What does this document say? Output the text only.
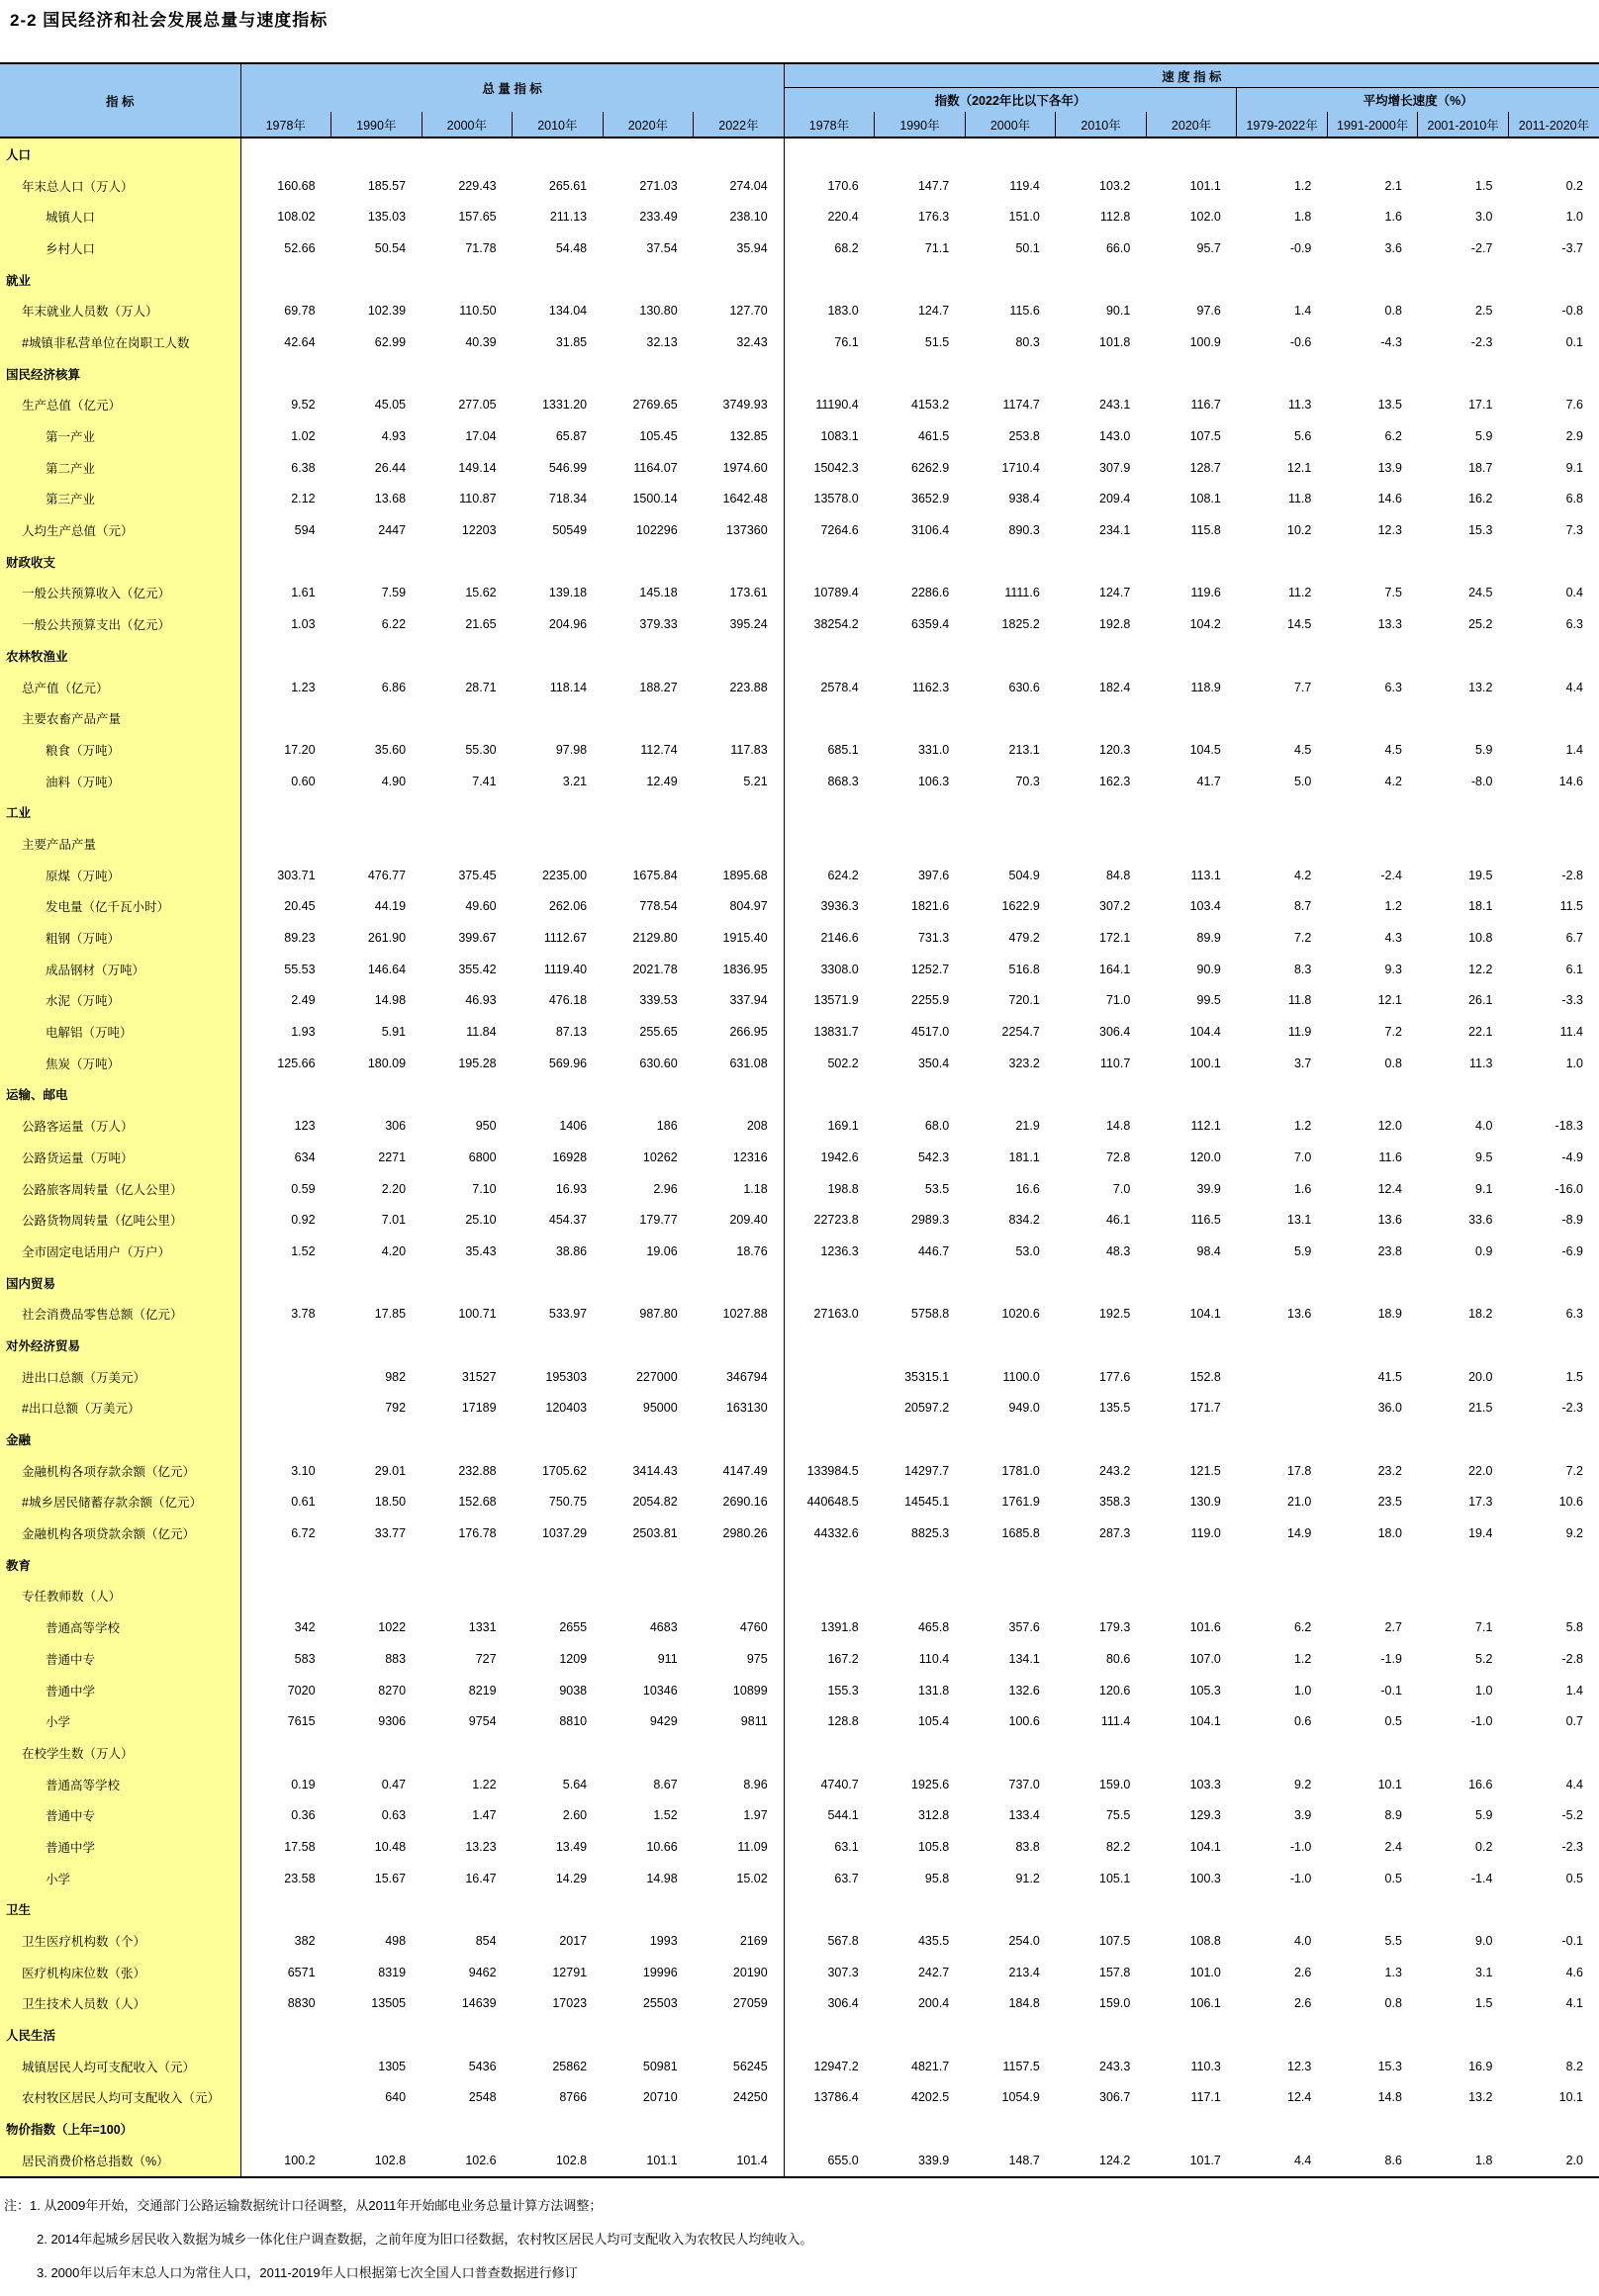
2-2 国民经济和社会发展总量与速度指标
指 标	总 量 指 标						速 度 指 标								
							指数（2022年比以下各年）					平均增长速度（%）			
	1978年	1990年	2000年	2010年	2020年	2022年	1978年	1990年	2000年	2010年	2020年	1979-2022年	1991-2000年	2001-2010年	2011-2020年
人口															
年末总人口（万人）	160.68	185.57	229.43	265.61	271.03	274.04	170.6	147.7	119.4	103.2	101.1	1.2	2.1	1.5	0.2
城镇人口	108.02	135.03	157.65	211.13	233.49	238.10	220.4	176.3	151.0	112.8	102.0	1.8	1.6	3.0	1.0
乡村人口	52.66	50.54	71.78	54.48	37.54	35.94	68.2	71.1	50.1	66.0	95.7	-0.9	3.6	-2.7	-3.7
就业															
年末就业人员数（万人）	69.78	102.39	110.50	134.04	130.80	127.70	183.0	124.7	115.6	90.1	97.6	1.4	0.8	2.5	-0.8
#城镇非私营单位在岗职工人数	42.64	62.99	40.39	31.85	32.13	32.43	76.1	51.5	80.3	101.8	100.9	-0.6	-4.3	-2.3	0.1
国民经济核算															
生产总值（亿元）	9.52	45.05	277.05	1331.20	2769.65	3749.93	11190.4	4153.2	1174.7	243.1	116.7	11.3	13.5	17.1	7.6
第一产业	1.02	4.93	17.04	65.87	105.45	132.85	1083.1	461.5	253.8	143.0	107.5	5.6	6.2	5.9	2.9
第二产业	6.38	26.44	149.14	546.99	1164.07	1974.60	15042.3	6262.9	1710.4	307.9	128.7	12.1	13.9	18.7	9.1
第三产业	2.12	13.68	110.87	718.34	1500.14	1642.48	13578.0	3652.9	938.4	209.4	108.1	11.8	14.6	16.2	6.8
人均生产总值（元）	594	2447	12203	50549	102296	137360	7264.6	3106.4	890.3	234.1	115.8	10.2	12.3	15.3	7.3
财政收支															
一般公共预算收入（亿元）	1.61	7.59	15.62	139.18	145.18	173.61	10789.4	2286.6	1111.6	124.7	119.6	11.2	7.5	24.5	0.4
一般公共预算支出（亿元）	1.03	6.22	21.65	204.96	379.33	395.24	38254.2	6359.4	1825.2	192.8	104.2	14.5	13.3	25.2	6.3
农林牧渔业															
总产值（亿元）	1.23	6.86	28.71	118.14	188.27	223.88	2578.4	1162.3	630.6	182.4	118.9	7.7	6.3	13.2	4.4
主要农畜产品产量															
粮食（万吨）	17.20	35.60	55.30	97.98	112.74	117.83	685.1	331.0	213.1	120.3	104.5	4.5	4.5	5.9	1.4
油料（万吨）	0.60	4.90	7.41	3.21	12.49	5.21	868.3	106.3	70.3	162.3	41.7	5.0	4.2	-8.0	14.6
工业															
主要产品产量															
原煤（万吨）	303.71	476.77	375.45	2235.00	1675.84	1895.68	624.2	397.6	504.9	84.8	113.1	4.2	-2.4	19.5	-2.8
发电量（亿千瓦小时）	20.45	44.19	49.60	262.06	778.54	804.97	3936.3	1821.6	1622.9	307.2	103.4	8.7	1.2	18.1	11.5
粗钢（万吨）	89.23	261.90	399.67	1112.67	2129.80	1915.40	2146.6	731.3	479.2	172.1	89.9	7.2	4.3	10.8	6.7
成品钢材（万吨）	55.53	146.64	355.42	1119.40	2021.78	1836.95	3308.0	1252.7	516.8	164.1	90.9	8.3	9.3	12.2	6.1
水泥（万吨）	2.49	14.98	46.93	476.18	339.53	337.94	13571.9	2255.9	720.1	71.0	99.5	11.8	12.1	26.1	-3.3
电解铝（万吨）	1.93	5.91	11.84	87.13	255.65	266.95	13831.7	4517.0	2254.7	306.4	104.4	11.9	7.2	22.1	11.4
焦炭（万吨）	125.66	180.09	195.28	569.96	630.60	631.08	502.2	350.4	323.2	110.7	100.1	3.7	0.8	11.3	1.0
运输、邮电															
公路客运量（万人）	123	306	950	1406	186	208	169.1	68.0	21.9	14.8	112.1	1.2	12.0	4.0	-18.3
公路货运量（万吨）	634	2271	6800	16928	10262	12316	1942.6	542.3	181.1	72.8	120.0	7.0	11.6	9.5	-4.9
公路旅客周转量（亿人公里）	0.59	2.20	7.10	16.93	2.96	1.18	198.8	53.5	16.6	7.0	39.9	1.6	12.4	9.1	-16.0
公路货物周转量（亿吨公里）	0.92	7.01	25.10	454.37	179.77	209.40	22723.8	2989.3	834.2	46.1	116.5	13.1	13.6	33.6	-8.9
全市固定电话用户（万户）	1.52	4.20	35.43	38.86	19.06	18.76	1236.3	446.7	53.0	48.3	98.4	5.9	23.8	0.9	-6.9
国内贸易															
社会消费品零售总额（亿元）	3.78	17.85	100.71	533.97	987.80	1027.88	27163.0	5758.8	1020.6	192.5	104.1	13.6	18.9	18.2	6.3
对外经济贸易															
进出口总额（万美元）		982	31527	195303	227000	346794		35315.1	1100.0	177.6	152.8		41.5	20.0	1.5
#出口总额（万美元）		792	17189	120403	95000	163130		20597.2	949.0	135.5	171.7		36.0	21.5	-2.3
金融															
金融机构各项存款余额（亿元）	3.10	29.01	232.88	1705.62	3414.43	4147.49	133984.5	14297.7	1781.0	243.2	121.5	17.8	23.2	22.0	7.2
#城乡居民储蓄存款余额（亿元）	0.61	18.50	152.68	750.75	2054.82	2690.16	440648.5	14545.1	1761.9	358.3	130.9	21.0	23.5	17.3	10.6
金融机构各项贷款余额（亿元）	6.72	33.77	176.78	1037.29	2503.81	2980.26	44332.6	8825.3	1685.8	287.3	119.0	14.9	18.0	19.4	9.2
教育															
专任教师数（人）															
普通高等学校	342	1022	1331	2655	4683	4760	1391.8	465.8	357.6	179.3	101.6	6.2	2.7	7.1	5.8
普通中专	583	883	727	1209	911	975	167.2	110.4	134.1	80.6	107.0	1.2	-1.9	5.2	-2.8
普通中学	7020	8270	8219	9038	10346	10899	155.3	131.8	132.6	120.6	105.3	1.0	-0.1	1.0	1.4
小学	7615	9306	9754	8810	9429	9811	128.8	105.4	100.6	111.4	104.1	0.6	0.5	-1.0	0.7
在校学生数（万人）															
普通高等学校	0.19	0.47	1.22	5.64	8.67	8.96	4740.7	1925.6	737.0	159.0	103.3	9.2	10.1	16.6	4.4
普通中专	0.36	0.63	1.47	2.60	1.52	1.97	544.1	312.8	133.4	75.5	129.3	3.9	8.9	5.9	-5.2
普通中学	17.58	10.48	13.23	13.49	10.66	11.09	63.1	105.8	83.8	82.2	104.1	-1.0	2.4	0.2	-2.3
小学	23.58	15.67	16.47	14.29	14.98	15.02	63.7	95.8	91.2	105.1	100.3	-1.0	0.5	-1.4	0.5
卫生															
卫生医疗机构数（个）	382	498	854	2017	1993	2169	567.8	435.5	254.0	107.5	108.8	4.0	5.5	9.0	-0.1
医疗机构床位数（张）	6571	8319	9462	12791	19996	20190	307.3	242.7	213.4	157.8	101.0	2.6	1.3	3.1	4.6
卫生技术人员数（人）	8830	13505	14639	17023	25503	27059	306.4	200.4	184.8	159.0	106.1	2.6	0.8	1.5	4.1
人民生活															
城镇居民人均可支配收入（元）		1305	5436	25862	50981	56245	12947.2	4821.7	1157.5	243.3	110.3	12.3	15.3	16.9	8.2
农村牧区居民人均可支配收入（元）		640	2548	8766	20710	24250	13786.4	4202.5	1054.9	306.7	117.1	12.4	14.8	13.2	10.1
物价指数（上年=100）															
居民消费价格总指数（%）	100.2	102.8	102.6	102.8	101.1	101.4	655.0	339.9	148.7	124.2	101.7	4.4	8.6	1.8	2.0

注：1. 从2009年开始，交通部门公路运输数据统计口径调整，从2011年开始邮电业务总量计算方法调整；

2. 2014年起城乡居民收入数据为城乡一体化住户调查数据，之前年度为旧口径数据，农村牧区居民人均可支配收入为农牧民人均纯收入。

3. 2000年以后年末总人口为常住人口，2011-2019年人口根据第七次全国人口普查数据进行修订
